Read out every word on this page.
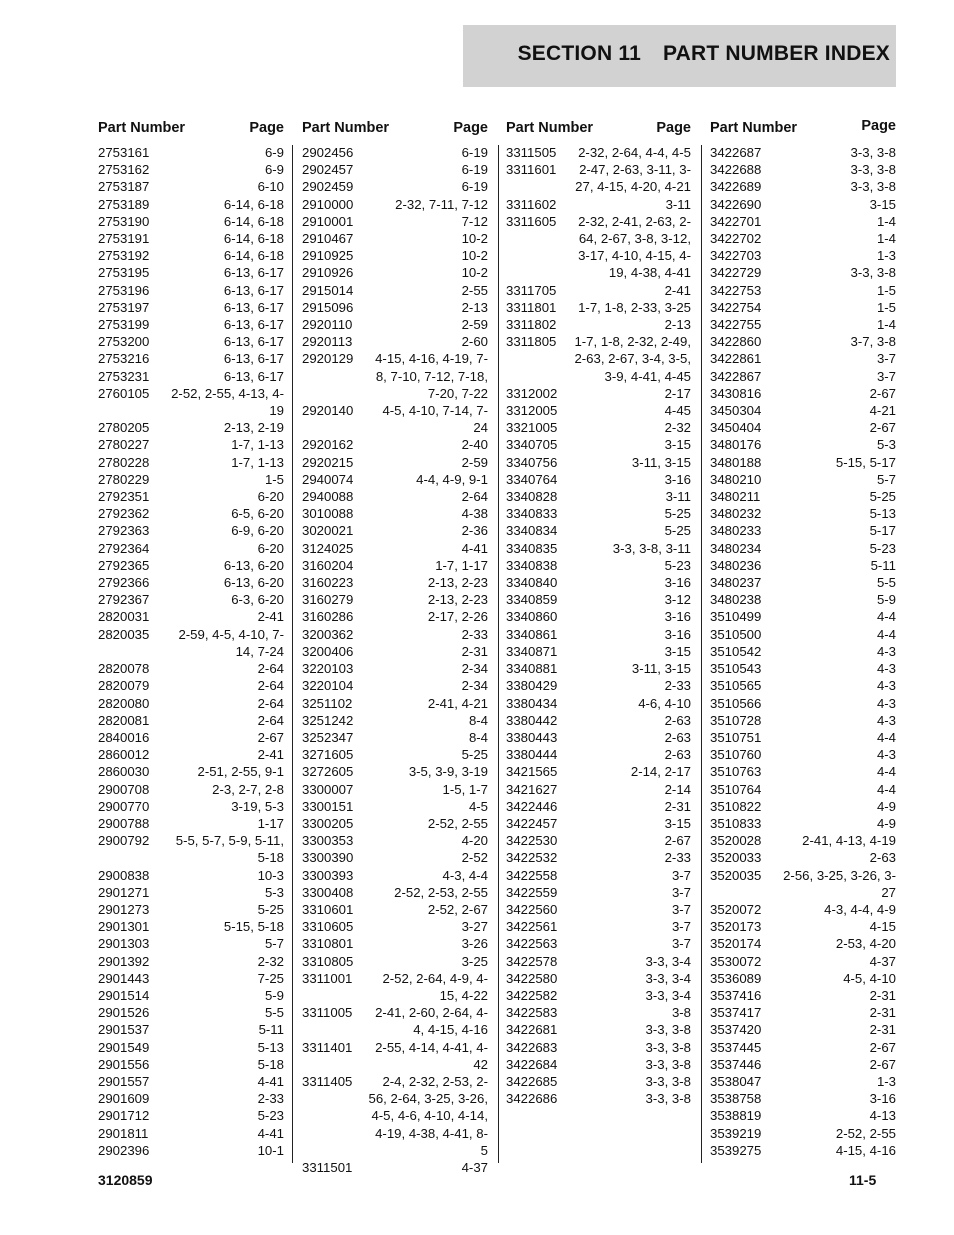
SECTION 11 PART NUMBER INDEX
Part Number	Page
2753161	..... 6-9
2753162	..... 6-9
2753187	..... 6-10
2753189	..... 6-14, 6-18
2753190	..... 6-14, 6-18
2753191	..... 6-14, 6-18
2753192	..... 6-14, 6-18
2753195	..... 6-13, 6-17
2753196	..... 6-13, 6-17
2753197	..... 6-13, 6-17
2753199	..... 6-13, 6-17
2753200	..... 6-13, 6-17
2753216	..... 6-13, 6-17
2753231	..... 6-13, 6-17
2760105	2-52, 2-55, 4-13, 4-19
2780205	..... 2-13, 2-19
2780227	..... 1-7, 1-13
2780228	..... 1-7, 1-13
2780229	..... 1-5
2792351	..... 6-20
2792362	..... 6-5, 6-20
2792363	..... 6-9, 6-20
2792364	..... 6-20
2792365	..... 6-13, 6-20
2792366	..... 6-13, 6-20
2792367	..... 6-3, 6-20
2820031	..... 2-41
2820035	2-59, 4-5, 4-10, 7-14, 7-24
2820078	..... 2-64
2820079	..... 2-64
2820080	..... 2-64
2820081	..... 2-64
2840016	..... 2-67
2860012	..... 2-41
2860030	..... 2-51, 2-55, 9-1
2900708	..... 2-3, 2-7, 2-8
2900770	..... 3-19, 5-3
2900788	..... 1-17
2900792	5-5, 5-7, 5-9, 5-11, 5-18
2900838	..... 10-3
2901271	..... 5-3
2901273	..... 5-25
2901301	..... 5-15, 5-18
2901303	..... 5-7
2901392	..... 2-32
2901443	..... 7-25
2901514	..... 5-9
2901526	..... 5-5
2901537	..... 5-11
2901549	..... 5-13
2901556	..... 5-18
2901557	..... 4-41
2901609	..... 2-33
2901712	..... 5-23
2901811	..... 4-41
2902396	..... 10-1
Part Number	Page
2902456	..... 6-19
2902457	..... 6-19
2902459	..... 6-19
2910000	..... 2-32, 7-11, 7-12
2910001	..... 7-12
2910467	..... 10-2
2910925	..... 10-2
2910926	..... 10-2
2915014	..... 2-55
2915096	..... 2-13
2920110	..... 2-59
2920113	..... 2-60
2920129	4-15, 4-16, 4-19, 7-8, 7-10, 7-12, 7-18, 7-20, 7-22
2920140	4-5, 4-10, 7-14, 7-24
2920162	..... 2-40
2920215	..... 2-59
2940074	..... 4-4, 4-9, 9-1
2940088	..... 2-64
3010088	..... 4-38
3020021	..... 2-36
3124025	..... 4-41
3160204	..... 1-7, 1-17
3160223	..... 2-13, 2-23
3160279	..... 2-13, 2-23
3160286	..... 2-17, 2-26
3200362	..... 2-33
3200406	..... 2-31
3220103	..... 2-34
3220104	..... 2-34
3251102	..... 2-41, 4-21
3251242	..... 8-4
3252347	..... 8-4
3271605	..... 5-25
3272605	..... 3-5, 3-9, 3-19
3300007	..... 1-5, 1-7
3300151	..... 4-5
3300205	..... 2-52, 2-55
3300353	..... 4-20
3300390	..... 2-52
3300393	..... 4-3, 4-4
3300408	..... 2-52, 2-53, 2-55
3310601	..... 2-52, 2-67
3310605	..... 3-27
3310801	..... 3-26
3310805	..... 3-25
3311001	2-52, 2-64, 4-9, 4-15, 4-22
3311005	2-41, 2-60, 2-64, 4-4, 4-15, 4-16
3311401	2-55, 4-14, 4-41, 4-42
3311405	2-4, 2-32, 2-53, 2-56, 2-64, 3-25, 3-26, 4-5, 4-6, 4-10, 4-14, 4-19, 4-38, 4-41, 8-5
3311501	..... 4-37
Part Number	Page
3311505	2-32, 2-64, 4-4, 4-5
3311601	2-47, 2-63, 3-11, 3-27, 4-15, 4-20, 4-21
3311602	..... 3-11
3311605	2-32, 2-41, 2-63, 2-64, 2-67, 3-8, 3-12, 3-17, 4-10, 4-15, 4-19, 4-38, 4-41
3311705	..... 2-41
3311801	1-7, 1-8, 2-33, 3-25
3311802	..... 2-13
3311805 1-7, 1-8, 2-32, 2-49, 2-63, 2-67, 3-4, 3-5, 3-9, 4-41, 4-45
3312002	..... 2-17
3312005	..... 4-45
3321005	..... 2-32
3340705	..... 3-15
3340756	..... 3-11, 3-15
3340764	..... 3-16
3340828	..... 3-11
3340833	..... 5-25
3340834	..... 5-25
3340835	..... 3-3, 3-8, 3-11
3340838	..... 5-23
3340840	..... 3-16
3340859	..... 3-12
3340860	..... 3-16
3340861	..... 3-16
3340871	..... 3-15
3340881	..... 3-11, 3-15
3380429	..... 2-33
3380434	..... 4-6, 4-10
3380442	..... 2-63
3380443	..... 2-63
3380444	..... 2-63
3421565	..... 2-14, 2-17
3421627	..... 2-14
3422446	..... 2-31
3422457	..... 3-15
3422530	..... 2-67
3422532	..... 2-33
3422558	..... 3-7
3422559	..... 3-7
3422560	..... 3-7
3422561	..... 3-7
3422563	..... 3-7
3422578	..... 3-3, 3-4
3422580	..... 3-3, 3-4
3422582	..... 3-3, 3-4
3422583	..... 3-8
3422681	..... 3-3, 3-8
3422683	..... 3-3, 3-8
3422684	..... 3-3, 3-8
3422685	..... 3-3, 3-8
3422686	..... 3-3, 3-8
Part Number	Page
3422687	..... 3-3, 3-8
3422688	..... 3-3, 3-8
3422689	..... 3-3, 3-8
3422690	..... 3-15
3422701	..... 1-4
3422702	..... 1-4
3422703	..... 1-3
3422729	..... 3-3, 3-8
3422753	..... 1-5
3422754	..... 1-5
3422755	..... 1-4
3422860	..... 3-7, 3-8
3422861	..... 3-7
3422867	..... 3-7
3430816	..... 2-67
3450304	..... 4-21
3450404	..... 2-67
3480176	..... 5-3
3480188	..... 5-15, 5-17
3480210	..... 5-7
3480211	..... 5-25
3480232	..... 5-13
3480233	..... 5-17
3480234	..... 5-23
3480236	..... 5-11
3480237	..... 5-5
3480238	..... 5-9
3510499	..... 4-4
3510500	..... 4-4
3510542	..... 4-3
3510543	..... 4-3
3510565	..... 4-3
3510566	..... 4-3
3510728	..... 4-3
3510751	..... 4-4
3510760	..... 4-3
3510763	..... 4-4
3510764	..... 4-4
3510822	..... 4-9
3510833	..... 4-9
3520028	..... 2-41, 4-13, 4-19
3520033	..... 2-63
3520035	2-56, 3-25, 3-26, 3-27
3520072	..... 4-3, 4-4, 4-9
3520173	..... 4-15
3520174	..... 2-53, 4-20
3530072	..... 4-37
3536089	..... 4-5, 4-10
3537416	..... 2-31
3537417	..... 2-31
3537420	..... 2-31
3537445	..... 2-67
3537446	..... 2-67
3538047	..... 1-3
3538758	..... 3-16
3538819	..... 4-13
3539219	..... 2-52, 2-55
3539275	..... 4-15, 4-16
3120859	11-5
